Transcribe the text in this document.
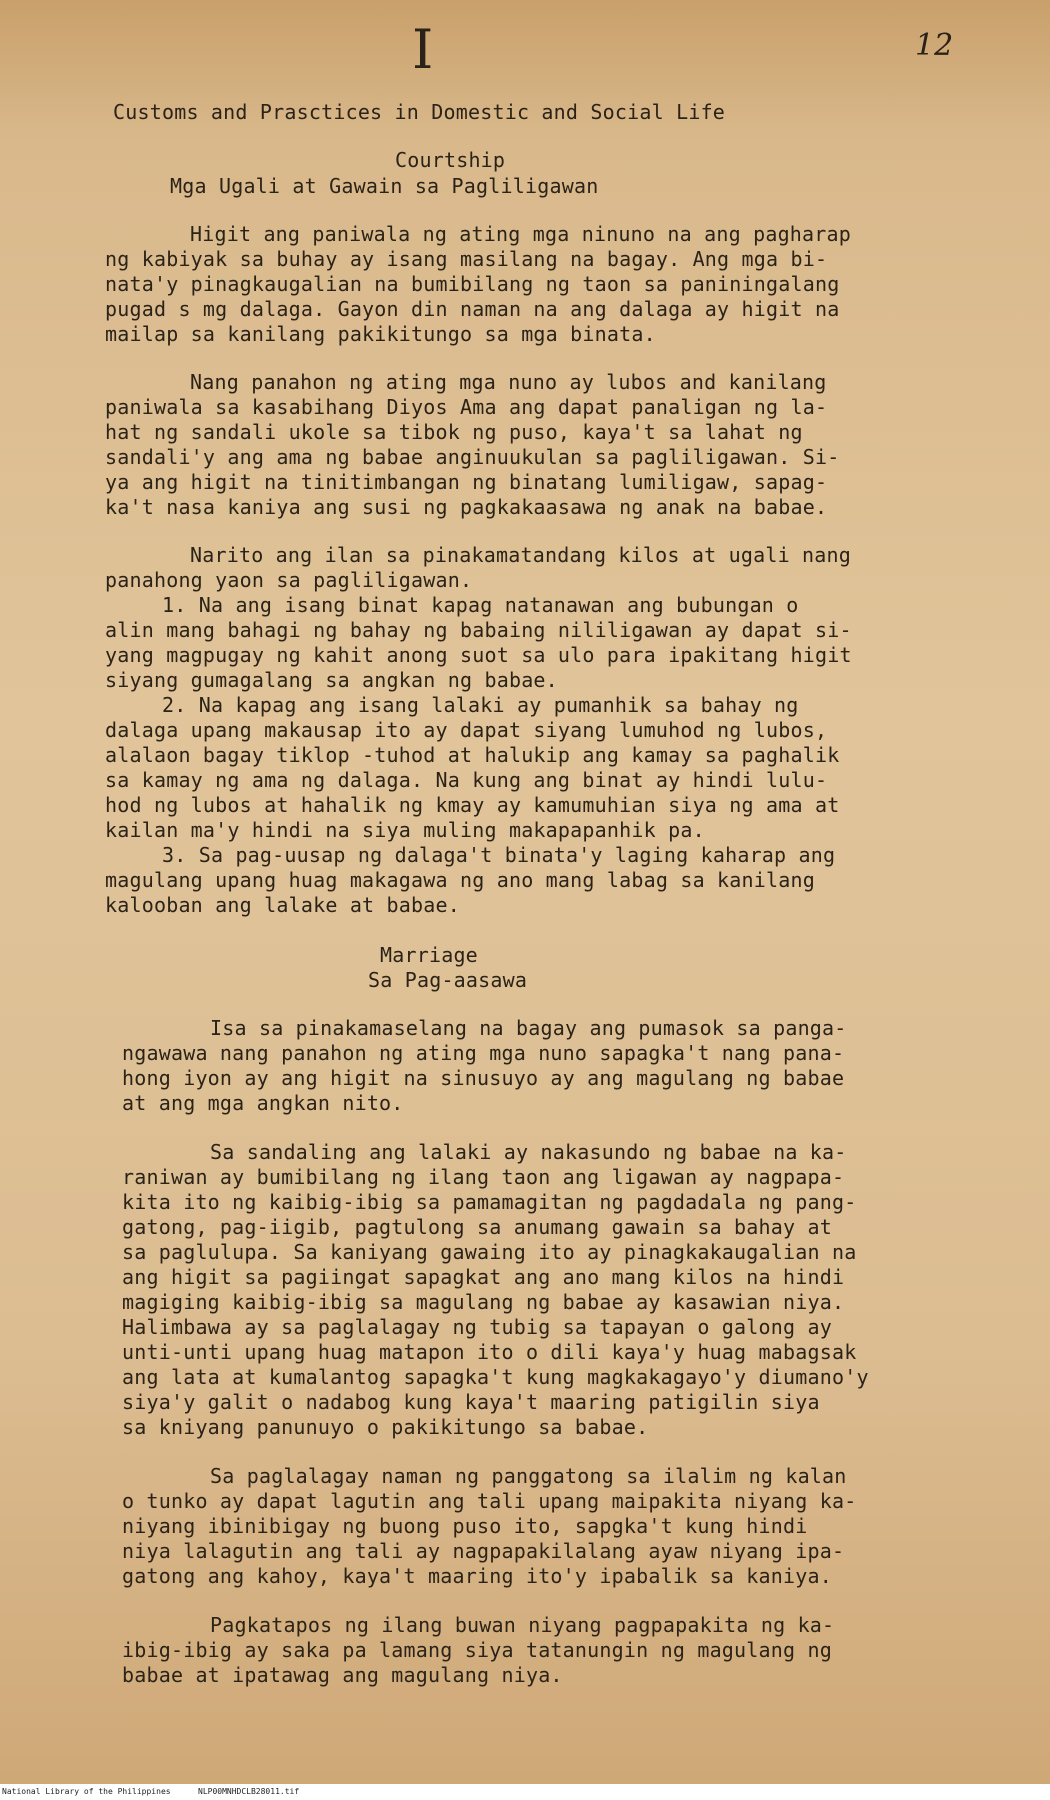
I	12
Customs and Prasctices in Domestic and Social Life
Courtship
Mga Ugali at Gawain sa Pagliligawan
Higit ang paniwala ng ating mga ninuno na ang pagharap
ng kabiyak sa buhay ay isang masilang na bagay. Ang mga bi-
nata'y pinagkaugalian na bumibilang ng taon sa paniningalang
pugad s mg dalaga. Gayon din naman na ang dalaga ay higit na
mailap sa kanilang pakikitungo sa mga binata.
Nang panahon ng ating mga nuno ay lubos and kanilang
paniwala sa kasabihang Diyos Ama ang dapat panaligan ng la-
hat ng sandali ukole sa tibok ng puso, kaya't sa lahat ng
sandali'y ang ama ng babae anginuukulan sa pagliligawan. Si-
ya ang higit na tinitimbangan ng binatang lumiligaw, sapag-
ka't nasa kaniya ang susi ng pagkakaasawa ng anak na babae.
Narito ang ilan sa pinakamatandang kilos at ugali nang
panahong yaon sa pagliligawan.
1. Na ang isang binat kapag natanawan ang bubungan o
alin mang bahagi ng bahay ng babaing nililigawan ay dapat si-
yang magpugay ng kahit anong suot sa ulo para ipakitang higit
siyang gumagalang sa angkan ng babae.
2. Na kapag ang isang lalaki ay pumanhik sa bahay ng
dalaga upang makausap ito ay dapat siyang lumuhod ng lubos,
alalaon bagay tiklop -tuhod at halukip ang kamay sa paghalik
sa kamay ng ama ng dalaga. Na kung ang binat ay hindi lulu-
hod ng lubos at hahalik ng kmay ay kamumuhian siya ng ama at
kailan ma'y hindi na siya muling makapapanhik pa.
3. Sa pag-uusap ng dalaga't binata'y laging kaharap ang
magulang upang huag makagawa ng ano mang labag sa kanilang
kalooban ang lalake at babae.
Marriage
Sa Pag-aasawa
Isa sa pinakamaselang na bagay ang pumasok sa panga-
ngawawa nang panahon ng ating mga nuno sapagka't nang pana-
hong iyon ay ang higit na sinusuyo ay ang magulang ng babae
at ang mga angkan nito.
Sa sandaling ang lalaki ay nakasundo ng babae na ka-
raniwan ay bumibilang ng ilang taon ang ligawan ay nagpapa-
kita ito ng kaibig-ibig sa pamamagitan ng pagdadala ng pang-
gatong, pag-iigib, pagtulong sa anumang gawain sa bahay at
sa paglulupa. Sa kaniyang gawaing ito ay pinagkakaugalian na
ang higit sa pagiingat sapagkat ang ano mang kilos na hindi
magiging kaibig-ibig sa magulang ng babae ay kasawian niya.
Halimbawa ay sa paglalagay ng tubig sa tapayan o galong ay
unti-unti upang huag matapon ito o dili kaya'y huag mabagsak
ang lata at kumalantog sapagka't kung magkakagayo'y diumano'y
siya'y galit o nadabog kung kaya't maaring patigilin siya
sa kniyang panunuyo o pakikitungo sa babae.
Sa paglalagay naman ng panggatong sa ilalim ng kalan
o tunko ay dapat lagutin ang tali upang maipakita niyang ka-
niyang ibinibigay ng buong puso ito, sapgka't kung hindi
niya lalagutin ang tali ay nagpapakilalang ayaw niyang ipa-
gatong ang kahoy, kaya't maaring ito'y ipabalik sa kaniya.
Pagkatapos ng ilang buwan niyang pagpapakita ng ka-
ibig-ibig ay saka pa lamang siya tatanungin ng magulang ng
babae at ipatawag ang magulang niya.
National Library of the Philippines	NLP00MNHDCLB28011.tif
